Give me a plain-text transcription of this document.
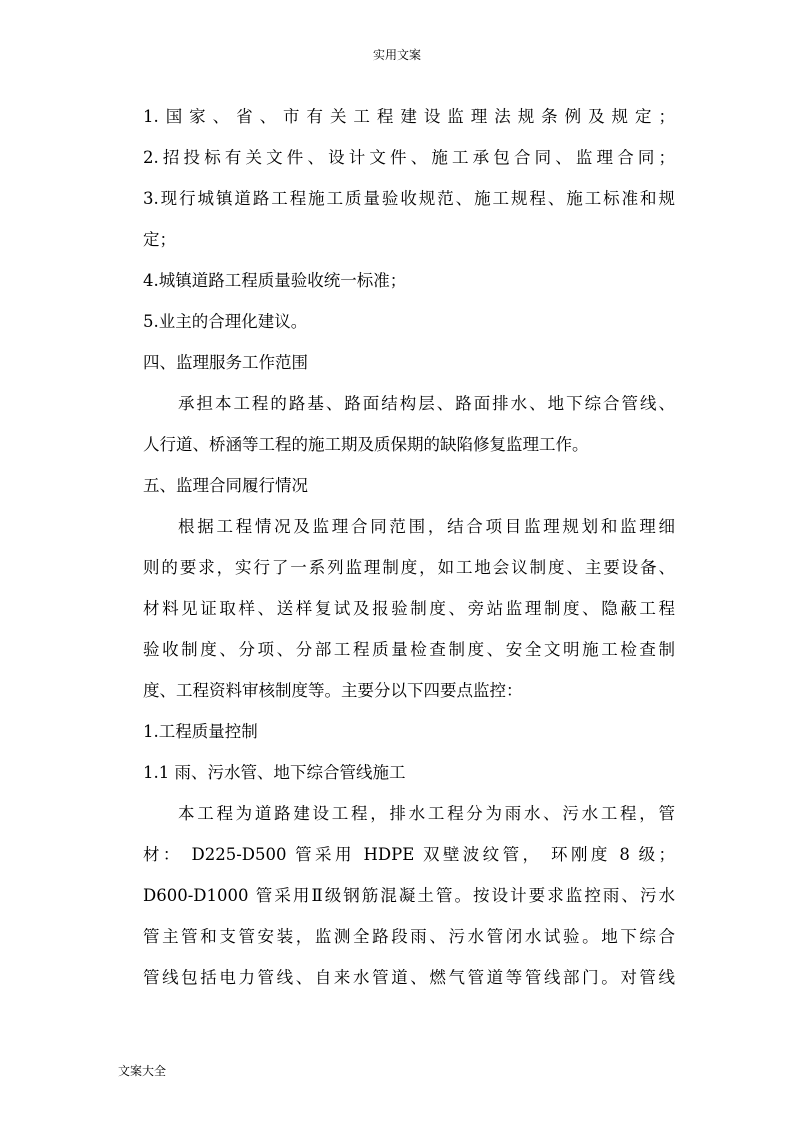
实用文案
1.国家、省、市有关工程建设监理法规条例及规定；
2.招投标有关文件、设计文件、施工承包合同、监理合同；
3.现行城镇道路工程施工质量验收规范、施工规程、施工标准和规
定；
4.城镇道路工程质量验收统一标准；
5.业主的合理化建议。
四、监理服务工作范围
承担本工程的路基、路面结构层、路面排水、地下综合管线、
人行道、桥涵等工程的施工期及质保期的缺陷修复监理工作。
五、监理合同履行情况
根据工程情况及监理合同范围，结合项目监理规划和监理细
则的要求，实行了一系列监理制度，如工地会议制度、主要设备、
材料见证取样、送样复试及报验制度、旁站监理制度、隐蔽工程
验收制度、分项、分部工程质量检查制度、安全文明施工检查制
度、工程资料审核制度等。主要分以下四要点监控：
1.工程质量控制
1.1 雨、污水管、地下综合管线施工
本工程为道路建设工程，排水工程分为雨水、污水工程，管
材： D225-D500 管采用 HDPE 双壁波纹管， 环刚度 8 级；
D600-D1000 管采用Ⅱ级钢筋混凝土管。按设计要求监控雨、污水
管主管和支管安装，监测全路段雨、污水管闭水试验。地下综合
管线包括电力管线、自来水管道、燃气管道等管线部门。对管线
文案大全
